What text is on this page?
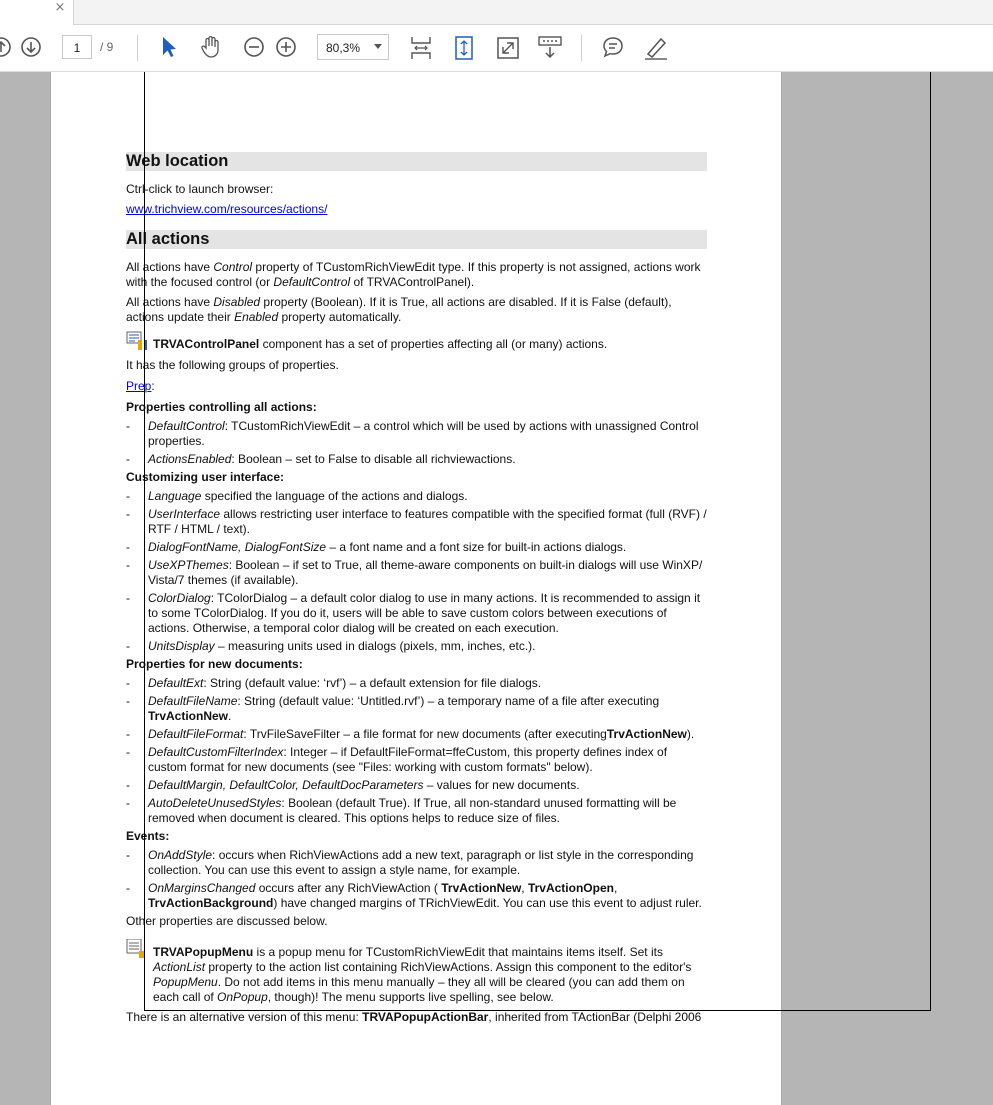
×
1	/ 9	80,3%
Web location

Ctrl-click to launch browser:

www.trichview.com/resources/actions/

All actions

All actions have Control property of TCustomRichViewEdit type. If this property is not assigned, actions work with the focused control (or DefaultControl of TRVAControlPanel).

All actions have Disabled property (Boolean). If it is True, all actions are disabled. If it is False (default), actions update their Enabled property automatically.

TRVAControlPanel component has a set of properties affecting all (or many) actions.

It has the following groups of properties.

Prep:

Properties controlling all actions:

- DefaultControl: TCustomRichViewEdit – a control which will be used by actions with unassigned Control properties.
- ActionsEnabled: Boolean – set to False to disable all richviewactions.

Customizing user interface:

- Language specified the language of the actions and dialogs.
- UserInterface allows restricting user interface to features compatible with the specified format (full (RVF) / RTF / HTML / text).
- DialogFontName, DialogFontSize – a font name and a font size for built-in actions dialogs.
- UseXPThemes: Boolean – if set to True, all theme-aware components on built-in dialogs will use WinXP/ Vista/7 themes (if available).
- ColorDialog: TColorDialog – a default color dialog to use in many actions. It is recommended to assign it to some TColorDialog. If you do it, users will be able to save custom colors between executions of actions. Otherwise, a temporal color dialog will be created on each execution.
- UnitsDisplay – measuring units used in dialogs (pixels, mm, inches, etc.).

Properties for new documents:

- DefaultExt: String (default value: ‘rvf’) – a default extension for file dialogs.
- DefaultFileName: String (default value: ‘Untitled.rvf’) – a temporary name of a file after executing TrvActionNew.
- DefaultFileFormat: TrvFileSaveFilter – a file format for new documents (after executingTrvActionNew).
- DefaultCustomFilterIndex: Integer – if DefaultFileFormat=ffeCustom, this property defines index of custom format for new documents (see "Files: working with custom formats" below).
- DefaultMargin, DefaultColor, DefaultDocParameters – values for new documents.
- AutoDeleteUnusedStyles: Boolean (default True). If True, all non-standard unused formatting will be removed when document is cleared. This options helps to reduce size of files.

Events:

- OnAddStyle: occurs when RichViewActions add a new text, paragraph or list style in the corresponding collection. You can use this event to assign a style name, for example.
- OnMarginsChanged occurs after any RichViewAction ( TrvActionNew, TrvActionOpen, TrvActionBackground) have changed margins of TRichViewEdit. You can use this event to adjust ruler.

Other properties are discussed below.

TRVAPopupMenu is a popup menu for TCustomRichViewEdit that maintains items itself. Set its ActionList property to the action list containing RichViewActions. Assign this component to the editor's PopupMenu. Do not add items in this menu manually – they all will be cleared (you can add them on each call of OnPopup, though)! The menu supports live spelling, see below.

There is an alternative version of this menu: TRVAPopupActionBar, inherited from TActionBar (Delphi 2006
